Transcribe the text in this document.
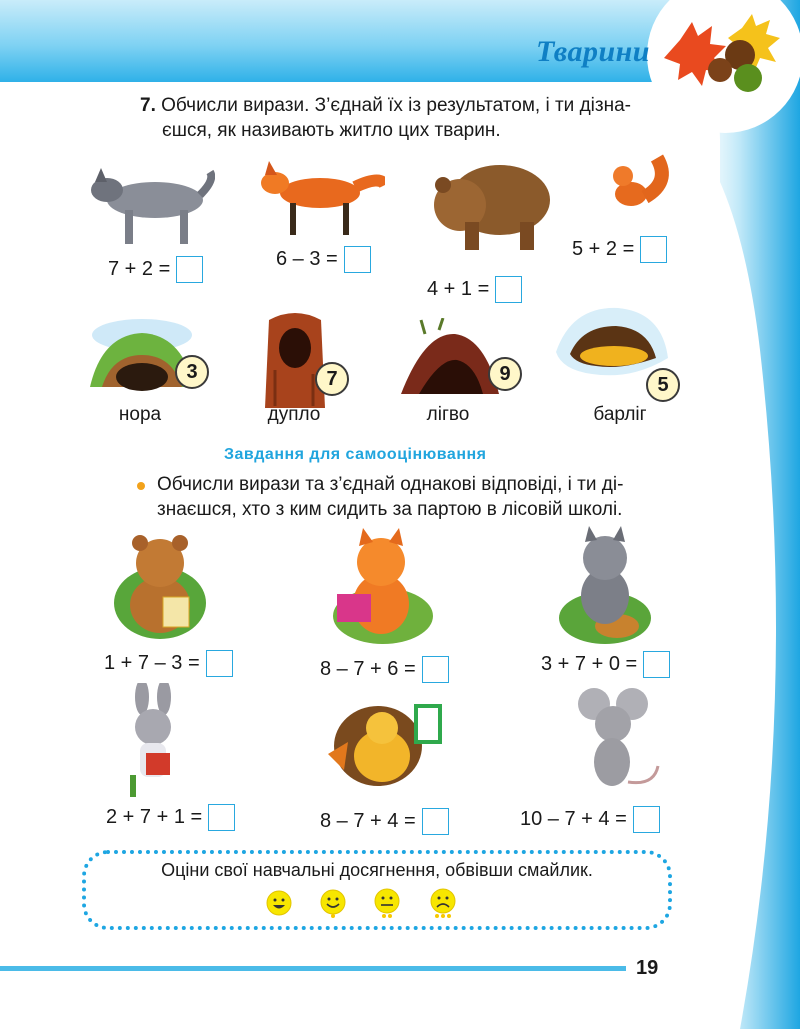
Тварини
7. Обчисли вирази. З’єднай їх із результатом, і ти дізна-
єшся, як називають житло цих тварин.
7 + 2 =	6 – 3 =
4 + 1 =
5 + 2 =
3
нора
7
дупло
9
лігво
5
барліг
Завдання для самооцінювання
Обчисли вирази та з’єднай однакові відповіді, і ти ді-
знаєшся, хто з ким сидить за партою в лісовій школі.
1 + 7 – 3 =	8 – 7 + 6 =	3 + 7 + 0 =
2 + 7 + 1 =	8 – 7 + 4 =	10 – 7 + 4 =
Оціни свої навчальні досягнення, обвівши смайлик.
19
